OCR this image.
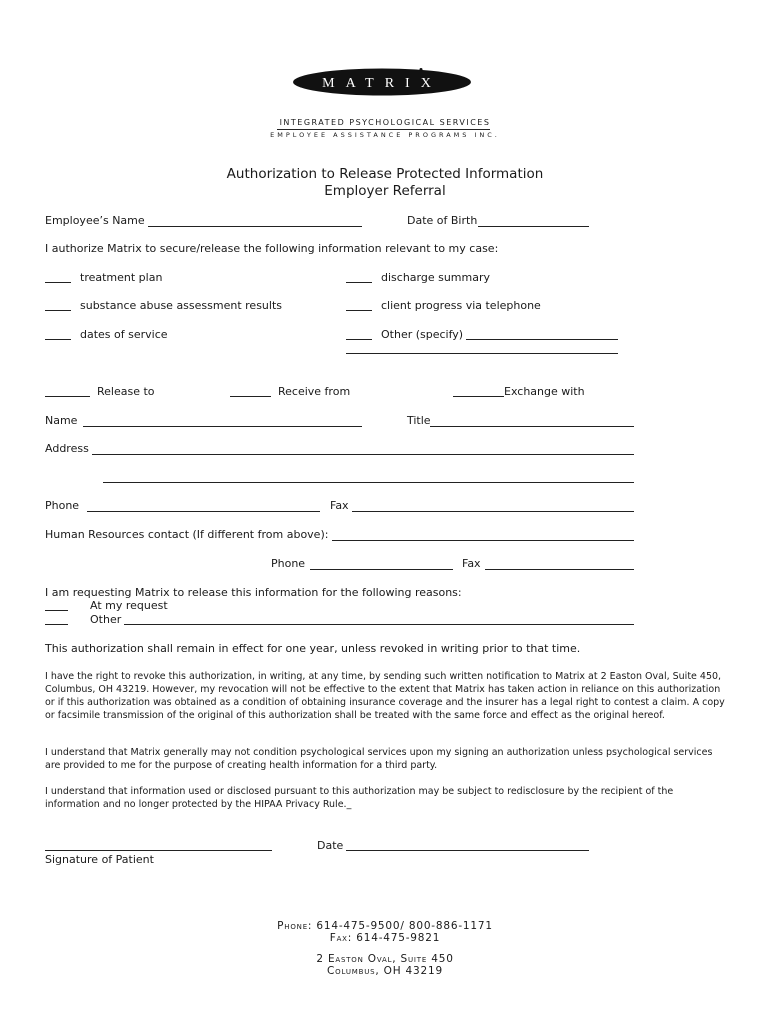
MATRIX
INTEGRATED PSYCHOLOGICAL SERVICES
EMPLOYEE ASSISTANCE PROGRAMS INC.
Authorization to Release Protected Information
Employer Referral
Employee’s Name	Date of Birth
I authorize Matrix to secure/release the following information relevant to my case:
treatment plan	discharge summary
substance abuse assessment results	client progress via telephone
dates of service	Other (specify)
Release to	Receive from	Exchange with
Name	Title
Address
Phone	Fax
Human Resources contact (If different from above):
Phone	Fax
I am requesting Matrix to release this information for the following reasons:
At my request
Other
This authorization shall remain in effect for one year, unless revoked in writing prior to that time.
I have the right to revoke this authorization, in writing, at any time, by sending such written notification to Matrix at 2 Easton Oval, Suite 450, Columbus, OH 43219. However, my revocation will not be effective to the extent that Matrix has taken action in reliance on this authorization or if this authorization was obtained as a condition of obtaining insurance coverage and the insurer has a legal right to contest a claim. A copy or facsimile transmission of the original of this authorization shall be treated with the same force and effect as the original hereof.
I understand that Matrix generally may not condition psychological services upon my signing an authorization unless psychological services are provided to me for the purpose of creating health information for a third party.
I understand that information used or disclosed pursuant to this authorization may be subject to redisclosure by the recipient of the information and no longer protected by the HIPAA Privacy Rule._
Date
Signature of Patient
Phone: 614-475-9500/ 800-886-1171
Fax: 614-475-9821
2 Easton Oval, Suite 450
Columbus, OH 43219
